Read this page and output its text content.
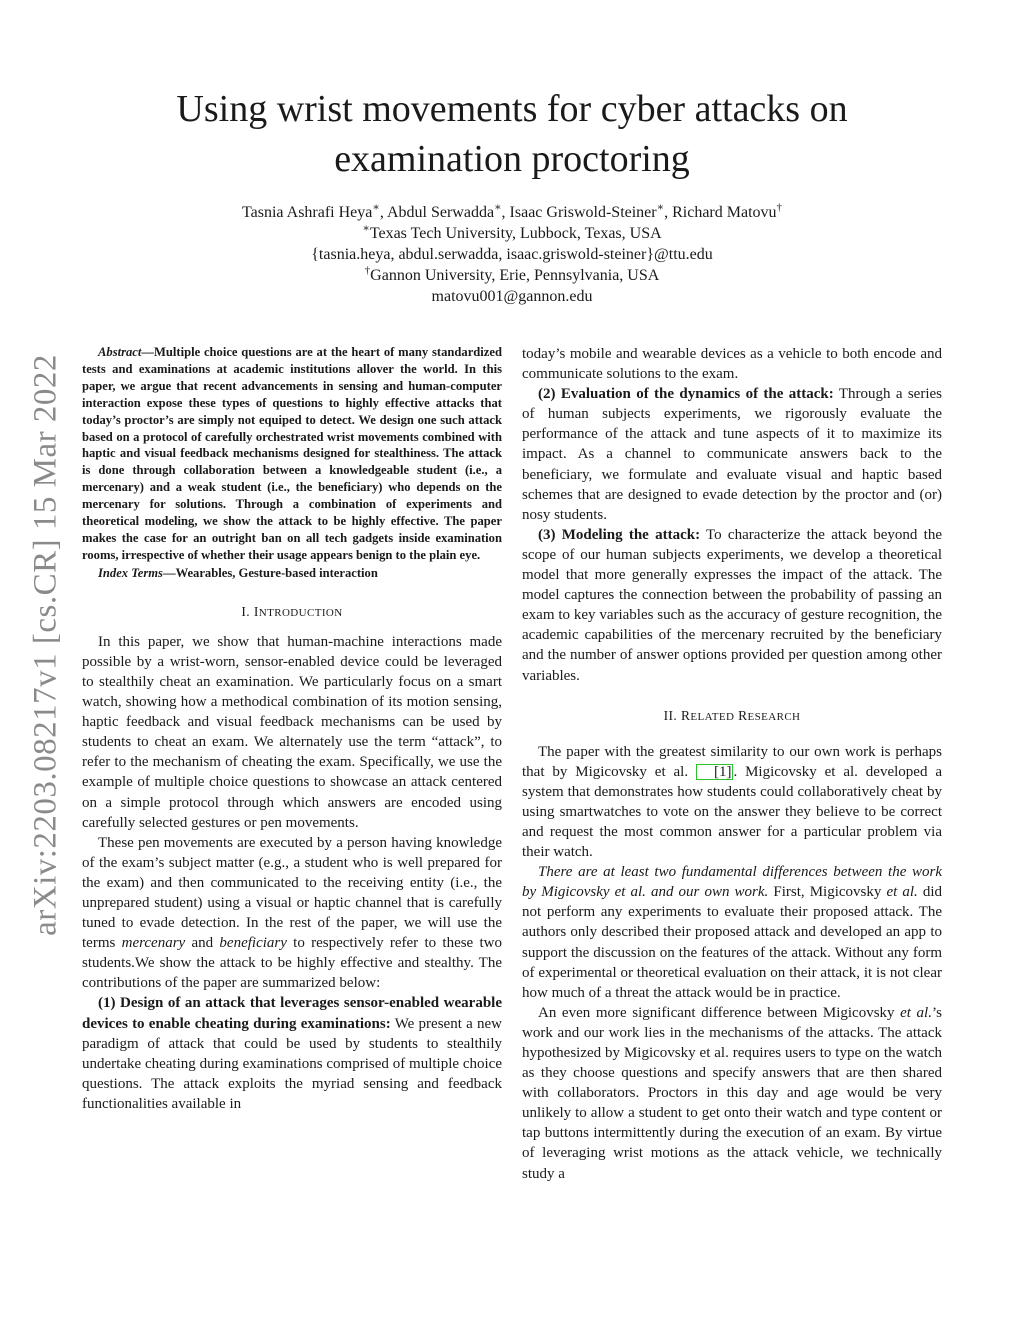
Using wrist movements for cyber attacks on
examination proctoring
Tasnia Ashrafi Heya∗, Abdul Serwadda∗, Isaac Griswold-Steiner∗, Richard Matovu†
∗Texas Tech University, Lubbock, Texas, USA
{tasnia.heya, abdul.serwadda, isaac.griswold-steiner}@ttu.edu
†Gannon University, Erie, Pennsylvania, USA
matovu001@gannon.edu
arXiv:2203.08217v1 [cs.CR] 15 Mar 2022

Abstract—Multiple choice questions are at the heart of many standardized tests and examinations at academic institutions allover the world. In this paper, we argue that recent advancements in sensing and human-computer interaction expose these types of questions to highly effective attacks that today’s proctor’s are simply not equiped to detect. We design one such attack based on a protocol of carefully orchestrated wrist movements combined with haptic and visual feedback mechanisms designed for stealthiness. The attack is done through collaboration between a knowledgeable student (i.e., a mercenary) and a weak student (i.e., the beneficiary) who depends on the mercenary for solutions. Through a combination of experiments and theoretical modeling, we show the attack to be highly effective. The paper makes the case for an outright ban on all tech gadgets inside examination rooms, irrespective of whether their usage appears benign to the plain eye.

Index Terms—Wearables, Gesture-based interaction

I. INTRODUCTION

In this paper, we show that human-machine interactions made possible by a wrist-worn, sensor-enabled device could be leveraged to stealthily cheat an examination. We particularly focus on a smart watch, showing how a methodical combination of its motion sensing, haptic feedback and visual feedback mechanisms can be used by students to cheat an exam. We alternately use the term “attack”, to refer to the mechanism of cheating the exam. Specifically, we use the example of multiple choice questions to showcase an attack centered on a simple protocol through which answers are encoded using carefully selected gestures or pen movements.

These pen movements are executed by a person having knowledge of the exam’s subject matter (e.g., a student who is well prepared for the exam) and then communicated to the receiving entity (i.e., the unprepared student) using a visual or haptic channel that is carefully tuned to evade detection. In the rest of the paper, we will use the terms mercenary and beneficiary to respectively refer to these two students.We show the attack to be highly effective and stealthy. The contributions of the paper are summarized below:

(1) Design of an attack that leverages sensor-enabled wearable devices to enable cheating during examinations: We present a new paradigm of attack that could be used by students to stealthily undertake cheating during examinations comprised of multiple choice questions. The attack exploits the myriad sensing and feedback functionalities available in

today’s mobile and wearable devices as a vehicle to both encode and communicate solutions to the exam.

(2) Evaluation of the dynamics of the attack: Through a series of human subjects experiments, we rigorously evaluate the performance of the attack and tune aspects of it to maximize its impact. As a channel to communicate answers back to the beneficiary, we formulate and evaluate visual and haptic based schemes that are designed to evade detection by the proctor and (or) nosy students.

(3) Modeling the attack: To characterize the attack beyond the scope of our human subjects experiments, we develop a theoretical model that more generally expresses the impact of the attack. The model captures the connection between the probability of passing an exam to key variables such as the accuracy of gesture recognition, the academic capabilities of the mercenary recruited by the beneficiary and the number of answer options provided per question among other variables.

II. RELATED RESEARCH

The paper with the greatest similarity to our own work is perhaps that by Migicovsky et al. [1] . Migicovsky et al. developed a system that demonstrates how students could collaboratively cheat by using smartwatches to vote on the answer they believe to be correct and request the most common answer for a particular problem via their watch.

There are at least two fundamental differences between the work by Migicovsky et al. and our own work. First, Migicovsky et al. did not perform any experiments to evaluate their proposed attack. The authors only described their proposed attack and developed an app to support the discussion on the features of the attack. Without any form of experimental or theoretical evaluation on their attack, it is not clear how much of a threat the attack would be in practice.

An even more significant difference between Migicovsky et al.’s work and our work lies in the mechanisms of the attacks. The attack hypothesized by Migicovsky et al. requires users to type on the watch as they choose questions and specify answers that are then shared with collaborators. Proctors in this day and age would be very unlikely to allow a student to get onto their watch and type content or tap buttons intermittently during the execution of an exam. By virtue of leveraging wrist motions as the attack vehicle, we technically study a
